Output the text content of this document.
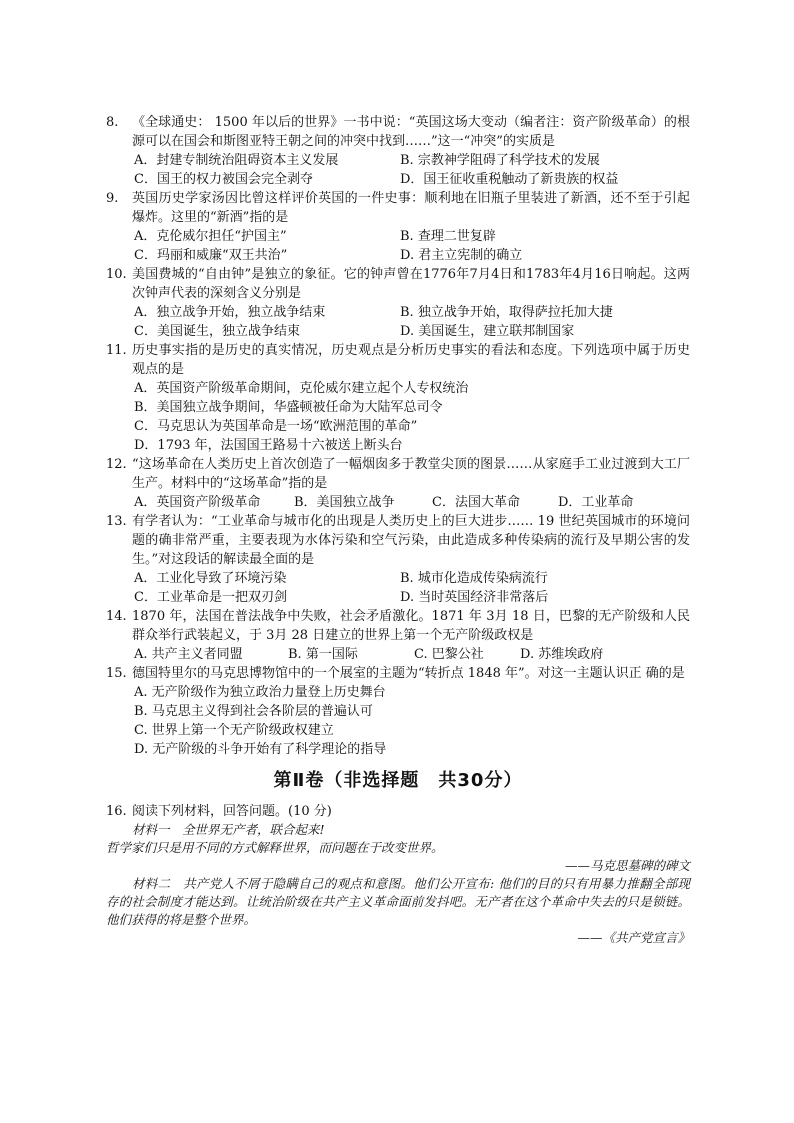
8. 《全球通史： 1500 年以后的世界》一书中说：“英国这场大变动（编者注：资产阶级革命）的根源可以在国会和斯图亚特王朝之间的冲突中找到……”这一“冲突”的实质是
A．封建专制统治阻碍资本主义发展	B. 宗教神学阻碍了科学技术的发展
C．国王的权力被国会完全剥夺	D．国王征收重税触动了新贵族的权益
9. 英国历史学家汤因比曾这样评价英国的一件史事：顺利地在旧瓶子里装进了新酒，还不至于引起爆炸。这里的“新酒”指的是
A．克伦威尔担任“护国主”	B. 查理二世复辟
C．玛丽和威廉“双王共治”	D. 君主立宪制的确立
10. 美国费城的“自由钟”是独立的象征。它的钟声曾在1776年7月4日和1783年4月16日响起。这两次钟声代表的深刻含义分别是
A．独立战争开始，独立战争结束	B. 独立战争开始，取得萨拉托加大捷
C．美国诞生，独立战争结束	D. 美国诞生，建立联邦制国家
11. 历史事实指的是历史的真实情况，历史观点是分析历史事实的看法和态度。下列选项中属于历史观点的是
A．英国资产阶级革命期间，克伦威尔建立起个人专权统治
B．美国独立战争期间，华盛顿被任命为大陆军总司令
C．马克思认为英国革命是一场“欧洲范围的革命”
D．1793 年，法国国王路易十六被送上断头台
12. “这场革命在人类历史上首次创造了一幅烟囱多于教堂尖顶的图景……从家庭手工业过渡到大工厂生产。材料中的“这场革命”指的是
A．英国资产阶级革命	B．美国独立战争	C．法国大革命	D．工业革命
13. 有学者认为：“工业革命与城市化的出现是人类历史上的巨大进步…… 19 世纪英国城市的环境问题的确非常严重，主要表现为水体污染和空气污染，由此造成多种传染病的流行及早期公害的发生。”对这段话的解读最全面的是
A．工业化导致了环境污染	B. 城市化造成传染病流行
C．工业革命是一把双刃剑	D. 当时英国经济非常落后
14. 1870 年，法国在普法战争中失败，社会矛盾激化。1871 年 3月 18 日，巴黎的无产阶级和人民群众举行武装起义，于 3月 28 日建立的世界上第一个无产阶级政权是
A. 共产主义者同盟	B. 第一国际	C. 巴黎公社	D. 苏维埃政府
15. 德国特里尔的马克思博物馆中的一个展室的主题为“转折点 1848 年”。对这一主题认识正 确的是
A. 无产阶级作为独立政治力量登上历史舞台
B. 马克思主义得到社会各阶层的普遍认可
C. 世界上第一个无产阶级政权建立
D. 无产阶级的斗争开始有了科学理论的指导
第Ⅱ卷（非选择题　共30分）
16. 阅读下列材料，回答问题。(10 分)
材料一　全世界无产者，联合起来!
哲学家们只是用不同的方式解释世界，而问题在于改变世界。
——马克思墓碑的碑文
材料二　共产党人不屑于隐瞒自己的观点和意图。他们公开宣布: 他们的目的只有用暴力推翻全部现存的社会制度才能达到。让统治阶级在共产主义革命面前发抖吧。无产者在这个革命中失去的只是锁链。他们获得的将是整个世界。
——《共产党宣言》
